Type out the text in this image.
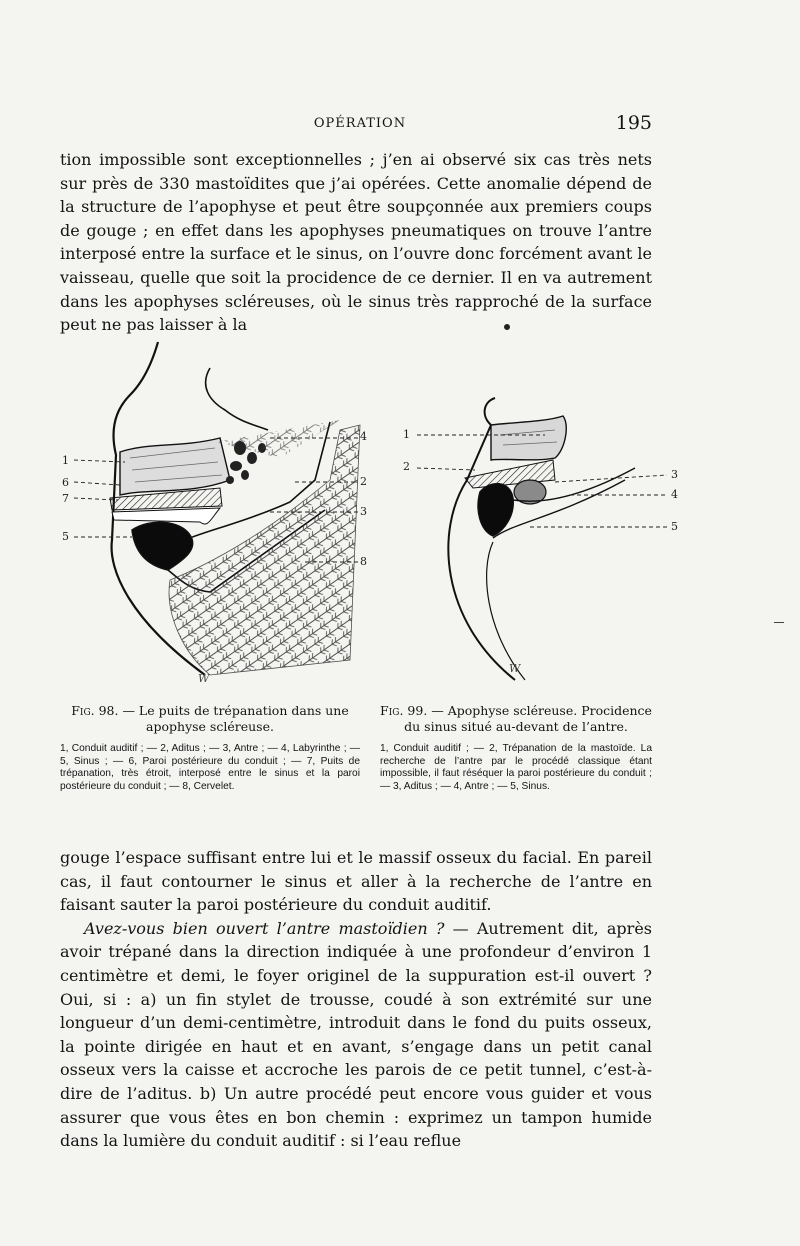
OPÉRATION	195

tion impossible sont exceptionnelles ; j’en ai observé six cas très nets sur près de 330 mastoïdites que j’ai opérées. Cette anomalie dépend de la structure de l’apophyse et peut être soupçonnée aux premiers coups de gouge ; en effet dans les apophyses pneumatiques on trouve l’antre interposé entre la surface et le sinus, on l’ouvre donc forcément avant le vaisseau, quelle que soit la procidence de ce dernier. Il en va autrement dans les apophyses scléreuses, où le sinus très rapproché de la surface peut ne pas laisser à la

1
2
3
4
5
6
7
8
W
1
2
3
4
5
W
Fig. 98. — Le puits de trépanation dans une apophyse scléreuse.
1, Conduit auditif ; — 2, Aditus ; — 3, Antre ; — 4, Labyrinthe ; — 5, Sinus ; — 6, Paroi postérieure du conduit ; — 7, Puits de trépanation, très étroit, interposé entre le sinus et la paroi postérieure du conduit ; — 8, Cervelet.
Fig. 99. — Apophyse scléreuse. Procidence du sinus situé au-devant de l’antre.
1, Conduit auditif ; — 2, Trépanation de la mastoïde. La recherche de l’antre par le procédé classique étant impossible, il faut réséquer la paroi postérieure du conduit ; — 3, Aditus ; — 4, Antre ; — 5, Sinus.

gouge l’espace suffisant entre lui et le massif osseux du facial. En pareil cas, il faut contourner le sinus et aller à la recherche de l’antre en faisant sauter la paroi postérieure du conduit auditif.

Avez-vous bien ouvert l’antre mastoïdien ? — Autrement dit, après avoir trépané dans la direction indiquée à une profondeur d’environ 1 centimètre et demi, le foyer originel de la suppuration est-il ouvert ? Oui, si : a) un fin stylet de trousse, coudé à son extrémité sur une longueur d’un demi-centimètre, introduit dans le fond du puits osseux, la pointe dirigée en haut et en avant, s’engage dans un petit canal osseux vers la caisse et accroche les parois de ce petit tunnel, c’est-à-dire de l’aditus. b) Un autre procédé peut encore vous guider et vous assurer que vous êtes en bon chemin : exprimez un tampon humide dans la lumière du conduit auditif : si l’eau reflue
